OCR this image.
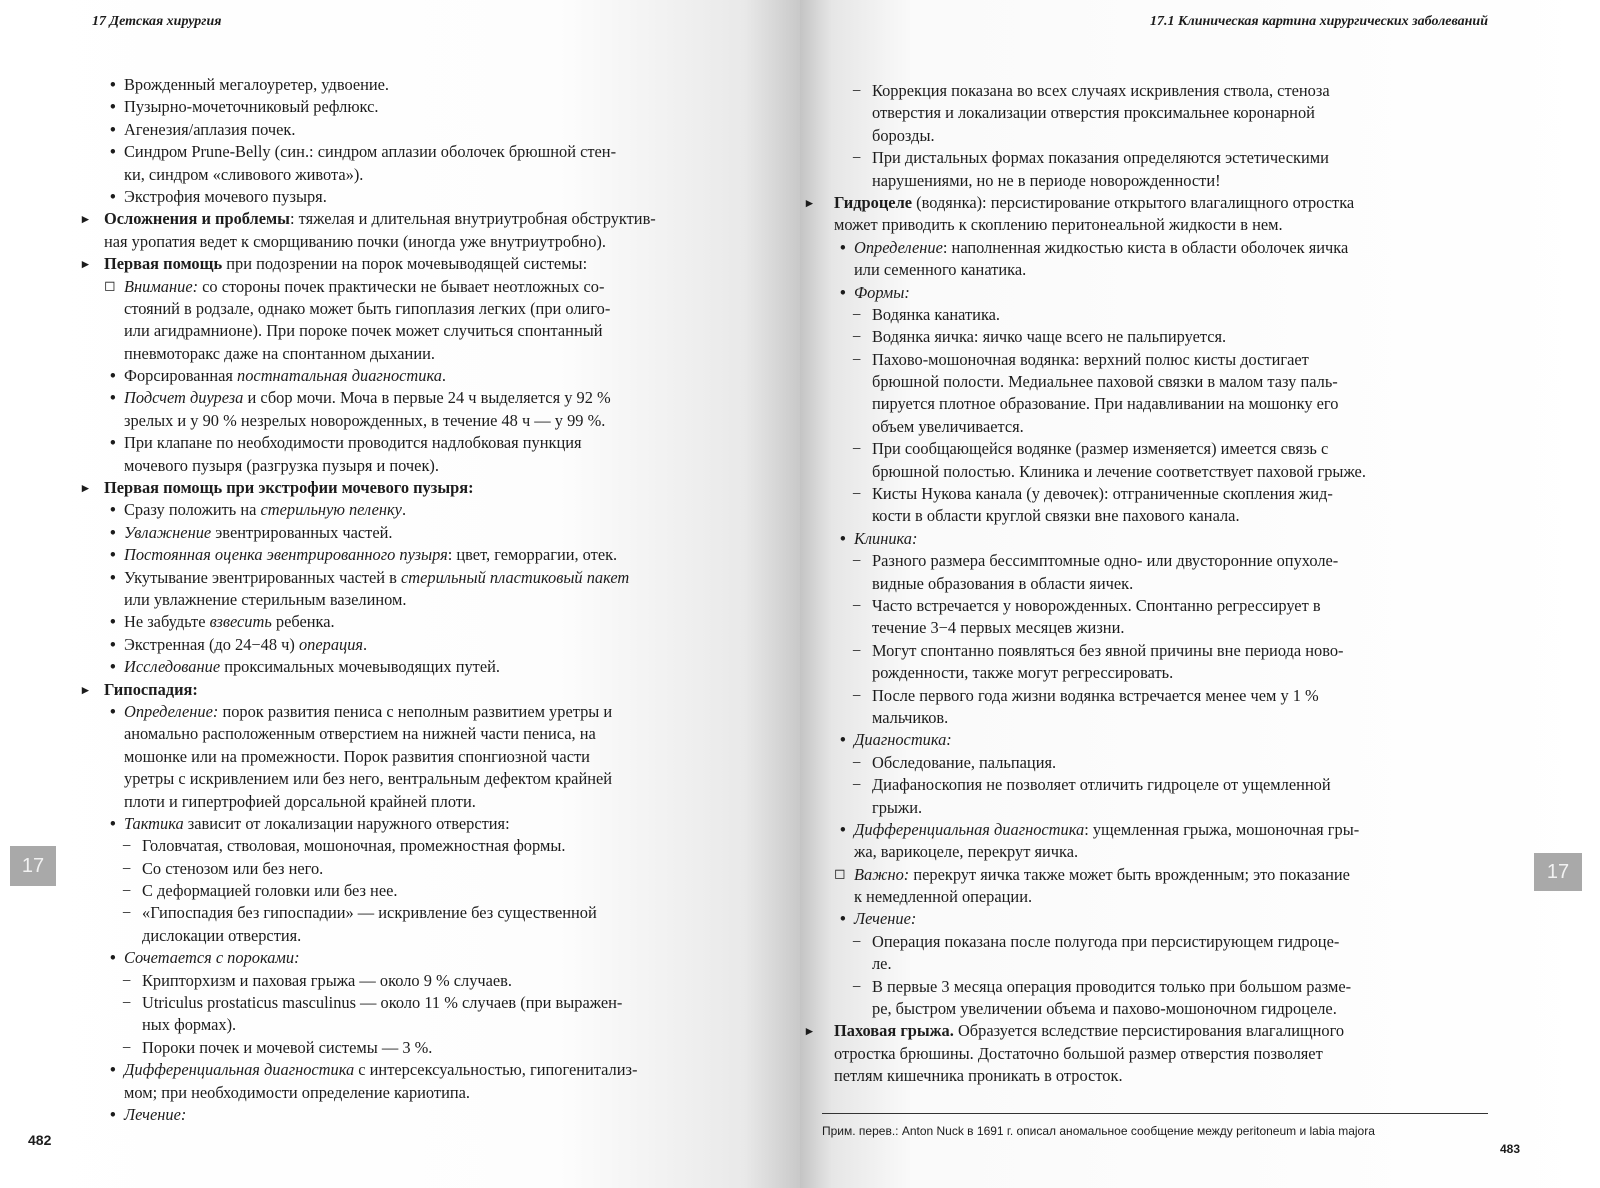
17 Детская хирургия
• Врожденный мегалоуретер, удвоение.
• Пузырно-мочеточниковый рефлюкс.
• Агенезия/аплазия почек.
• Синдром Prune-Belly (син.: синдром аплазии оболочек брюшной стен-
ки, синдром «сливового живота»).
• Экстрофия мочевого пузыря.
▸ Осложнения и проблемы: тяжелая и длительная внутриутробная обструктив-
ная уропатия ведет к сморщиванию почки (иногда уже внутриутробно).
▸ Первая помощь при подозрении на порок мочевыводящей системы:
◻ Внимание: со стороны почек практически не бывает неотложных со-
стояний в родзале, однако может быть гипоплазия легких (при олиго-
или агидрамнионе). При пороке почек может случиться спонтанный
пневмоторакс даже на спонтанном дыхании.
• Форсированная постнатальная диагностика.
• Подсчет диуреза и сбор мочи. Моча в первые 24 ч выделяется у 92 %
зрелых и у 90 % незрелых новорожденных, в течение 48 ч — у 99 %.
• При клапане по необходимости проводится надлобковая пункция
мочевого пузыря (разгрузка пузыря и почек).
▸ Первая помощь при экстрофии мочевого пузыря:
• Сразу положить на стерильную пеленку.
• Увлажнение эвентрированных частей.
• Постоянная оценка эвентрированного пузыря: цвет, геморрагии, отек.
• Укутывание эвентрированных частей в стерильный пластиковый пакет
или увлажнение стерильным вазелином.
• Не забудьте взвесить ребенка.
• Экстренная (до 24−48 ч) операция.
• Исследование проксимальных мочевыводящих путей.
▸ Гипоспадия:
• Определение: порок развития пениса с неполным развитием уретры и
аномально расположенным отверстием на нижней части пениса, на
мошонке или на промежности. Порок развития спонгиозной части
уретры с искривлением или без него, вентральным дефектом крайней
плоти и гипертрофией дорсальной крайней плоти.
• Тактика зависит от локализации наружного отверстия:
− Головчатая, стволовая, мошоночная, промежностная формы.
− Со стенозом или без него.
− С деформацией головки или без нее.
− «Гипоспадия без гипоспадии» — искривление без существенной
дислокации отверстия.
• Сочетается с пороками:
− Крипторхизм и паховая грыжа — около 9 % случаев.
− Utriculus prostaticus masculinus — около 11 % случаев (при выражен-
ных формах).
− Пороки почек и мочевой системы — 3 %.
• Дифференциальная диагностика с интерсексуальностью, гипогенитализ-
мом; при необходимости определение кариотипа.
• Лечение:
17
482
17.1 Клиническая картина хирургических заболеваний
17
483
− Коррекция показана во всех случаях искривления ствола, стеноза
отверстия и локализации отверстия проксимальнее коронарной
борозды.
− При дистальных формах показания определяются эстетическими
нарушениями, но не в периоде новорожденности!
▸ Гидроцеле (водянка): персистирование открытого влагалищного отростка
может приводить к скоплению перитонеальной жидкости в нем.
• Определение: наполненная жидкостью киста в области оболочек яичка
или семенного канатика.
• Формы:
− Водянка канатика.
− Водянка яичка: яичко чаще всего не пальпируется.
− Пахово-мошоночная водянка: верхний полюс кисты достигает
брюшной полости. Медиальнее паховой связки в малом тазу паль-
пируется плотное образование. При надавливании на мошонку его
объем увеличивается.
− При сообщающейся водянке (размер изменяется) имеется связь с
брюшной полостью. Клиника и лечение соответствует паховой грыже.
− Кисты Нукова канала (у девочек): отграниченные скопления жид-
кости в области круглой связки вне пахового канала.
• Клиника:
− Разного размера бессимптомные одно- или двусторонние опухоле-
видные образования в области яичек.
− Часто встречается у новорожденных. Спонтанно регрессирует в
течение 3−4 первых месяцев жизни.
− Могут спонтанно появляться без явной причины вне периода ново-
рожденности, также могут регрессировать.
− После первого года жизни водянка встречается менее чем у 1 %
мальчиков.
• Диагностика:
− Обследование, пальпация.
− Диафаноскопия не позволяет отличить гидроцеле от ущемленной
грыжи.
• Дифференциальная диагностика: ущемленная грыжа, мошоночная гры-
жа, варикоцеле, перекрут яичка.
◻ Важно: перекрут яичка также может быть врожденным; это показание
к немедленной операции.
• Лечение:
− Операция показана после полугода при персистирующем гидроце-
ле.
− В первые 3 месяца операция проводится только при большом разме-
ре, быстром увеличении объема и пахово-мошоночном гидроцеле.
▸ Паховая грыжа. Образуется вследствие персистирования влагалищного
отростка брюшины. Достаточно большой размер отверстия позволяет
петлям кишечника проникать в отросток.
Прим. перев.: Anton Nuck в 1691 г. описал аномальное сообщение между peritoneum и labia majora
